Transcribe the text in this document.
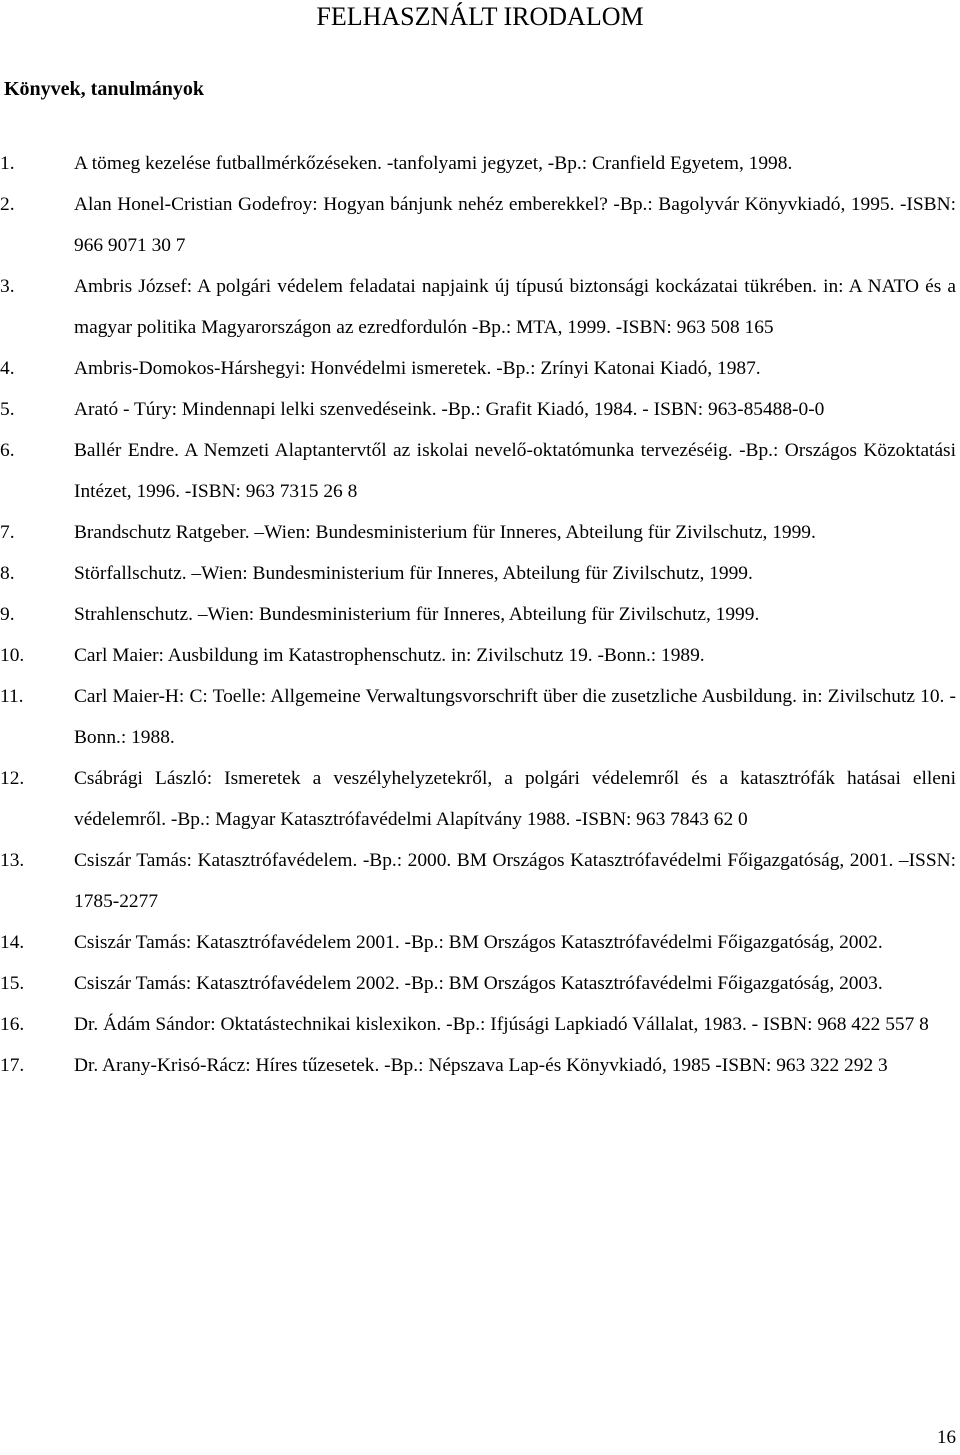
FELHASZNÁLT IRODALOM
Könyvek, tanulmányok
1.	A tömeg kezelése futballmérkőzéseken. -tanfolyami jegyzet, -Bp.: Cranfield Egyetem, 1998.
2.	Alan Honel-Cristian Godefroy: Hogyan bánjunk nehéz emberekkel? -Bp.: Bagolyvár Könyvkiadó, 1995. -ISBN: 966 9071 30 7
3.	Ambris József: A polgári védelem feladatai napjaink új típusú biztonsági kockázatai tükrében. in: A NATO és a magyar politika Magyarországon az ezredfordulón -Bp.: MTA, 1999. -ISBN: 963 508 165
4.	Ambris-Domokos-Hárshegyi: Honvédelmi ismeretek. -Bp.: Zrínyi Katonai Kiadó, 1987.
5.	Arató - Túry: Mindennapi lelki szenvedéseink. -Bp.: Grafit Kiadó, 1984. - ISBN: 963-85488-0-0
6.	Ballér Endre. A Nemzeti Alaptantervtől az iskolai nevelő-oktatómunka tervezéséig. -Bp.: Országos Közoktatási Intézet, 1996. -ISBN: 963 7315 26 8
7.	Brandschutz Ratgeber. –Wien: Bundesministerium für Inneres, Abteilung für Zivilschutz, 1999.
8.	Störfallschutz. –Wien: Bundesministerium für Inneres, Abteilung für Zivilschutz, 1999.
9.	Strahlenschutz. –Wien: Bundesministerium für Inneres, Abteilung für Zivilschutz, 1999.
10.	Carl Maier: Ausbildung im Katastrophenschutz. in: Zivilschutz 19. -Bonn.: 1989.
11.	Carl Maier-H: C: Toelle: Allgemeine Verwaltungsvorschrift über die zusetzliche Ausbildung. in: Zivilschutz 10. -Bonn.: 1988.
12.	Csábrági László: Ismeretek a veszélyhelyzetekről, a polgári védelemről és a katasztrófák hatásai elleni védelemről. -Bp.: Magyar Katasztrófavédelmi Alapítvány 1988. -ISBN: 963 7843 62 0
13.	Csiszár Tamás: Katasztrófavédelem. -Bp.: 2000. BM Országos Katasztrófavédelmi Főigazgatóság, 2001. –ISSN: 1785-2277
14.	Csiszár Tamás: Katasztrófavédelem 2001. -Bp.: BM Országos Katasztrófavédelmi Főigazgatóság, 2002.
15.	Csiszár Tamás: Katasztrófavédelem 2002. -Bp.: BM Országos Katasztrófavédelmi Főigazgatóság, 2003.
16.	Dr. Ádám Sándor: Oktatástechnikai kislexikon. -Bp.: Ifjúsági Lapkiadó Vállalat, 1983. - ISBN: 968 422 557 8
17.	Dr. Arany-Krisó-Rácz: Híres tűzesetek. -Bp.: Népszava Lap-és Könyvkiadó, 1985 -ISBN: 963 322 292 3
16
